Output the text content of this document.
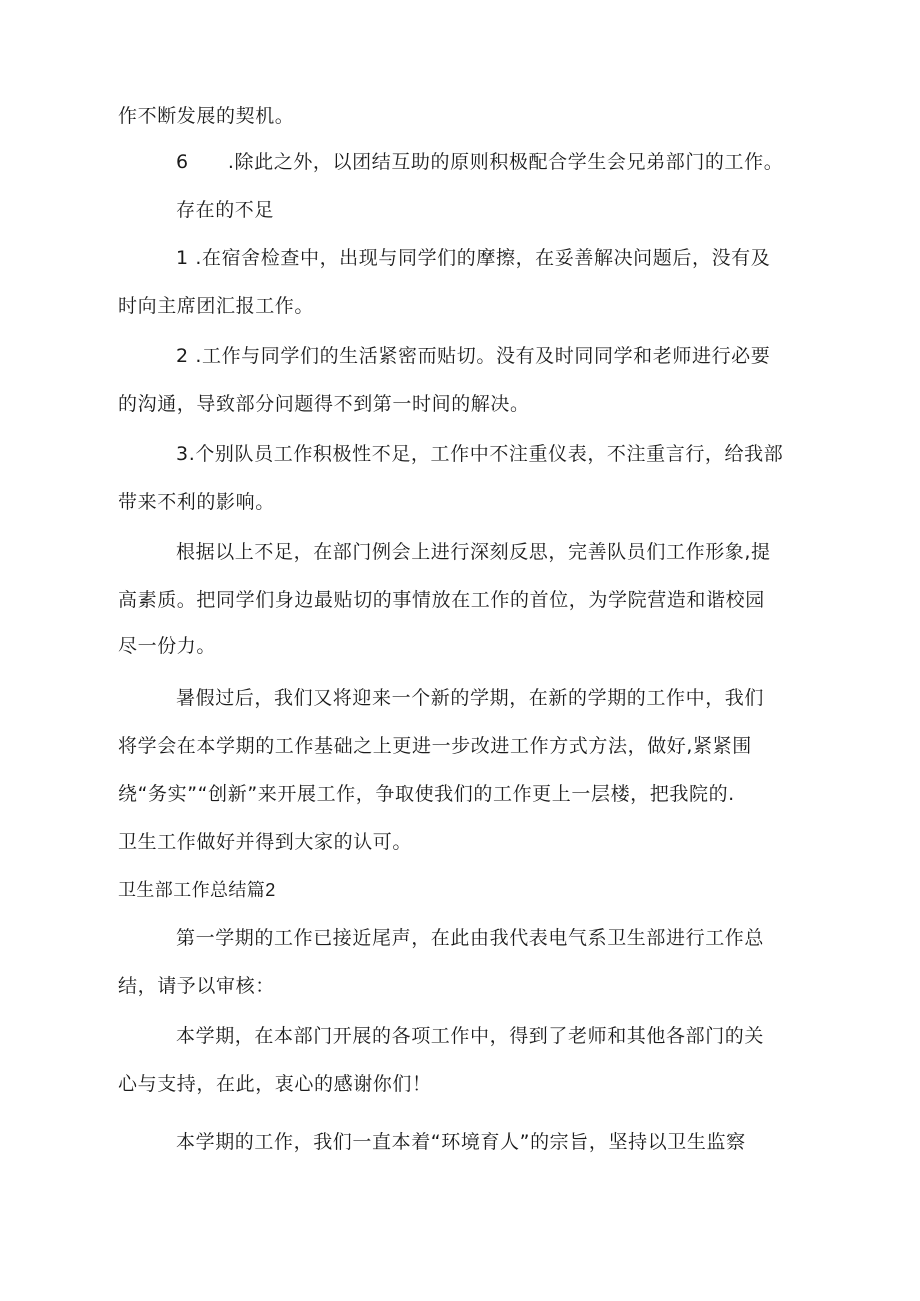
作不断发展的契机。
6　　.除此之外，以团结互助的原则积极配合学生会兄弟部门的工作。
存在的不足
1 .在宿舍检查中，出现与同学们的摩擦，在妥善解决问题后，没有及
时向主席团汇报工作。
2 .工作与同学们的生活紧密而贴切。没有及时同同学和老师进行必要
的沟通，导致部分问题得不到第一时间的解决。
3.个别队员工作积极性不足，工作中不注重仪表，不注重言行，给我部
带来不利的影响。
根据以上不足，在部门例会上进行深刻反思，完善队员们工作形象,提
高素质。把同学们身边最贴切的事情放在工作的首位，为学院营造和谐校园
尽一份力。
暑假过后，我们又将迎来一个新的学期，在新的学期的工作中，我们
将学会在本学期的工作基础之上更进一步改进工作方式方法，做好,紧紧围
绕“务实”“创新”来开展工作，争取使我们的工作更上一层楼，把我院的.
卫生工作做好并得到大家的认可。
卫生部工作总结篇2
第一学期的工作已接近尾声，在此由我代表电气系卫生部进行工作总
结，请予以审核：
本学期，在本部门开展的各项工作中，得到了老师和其他各部门的关
心与支持，在此，衷心的感谢你们！
本学期的工作，我们一直本着“环境育人”的宗旨，坚持以卫生监察
